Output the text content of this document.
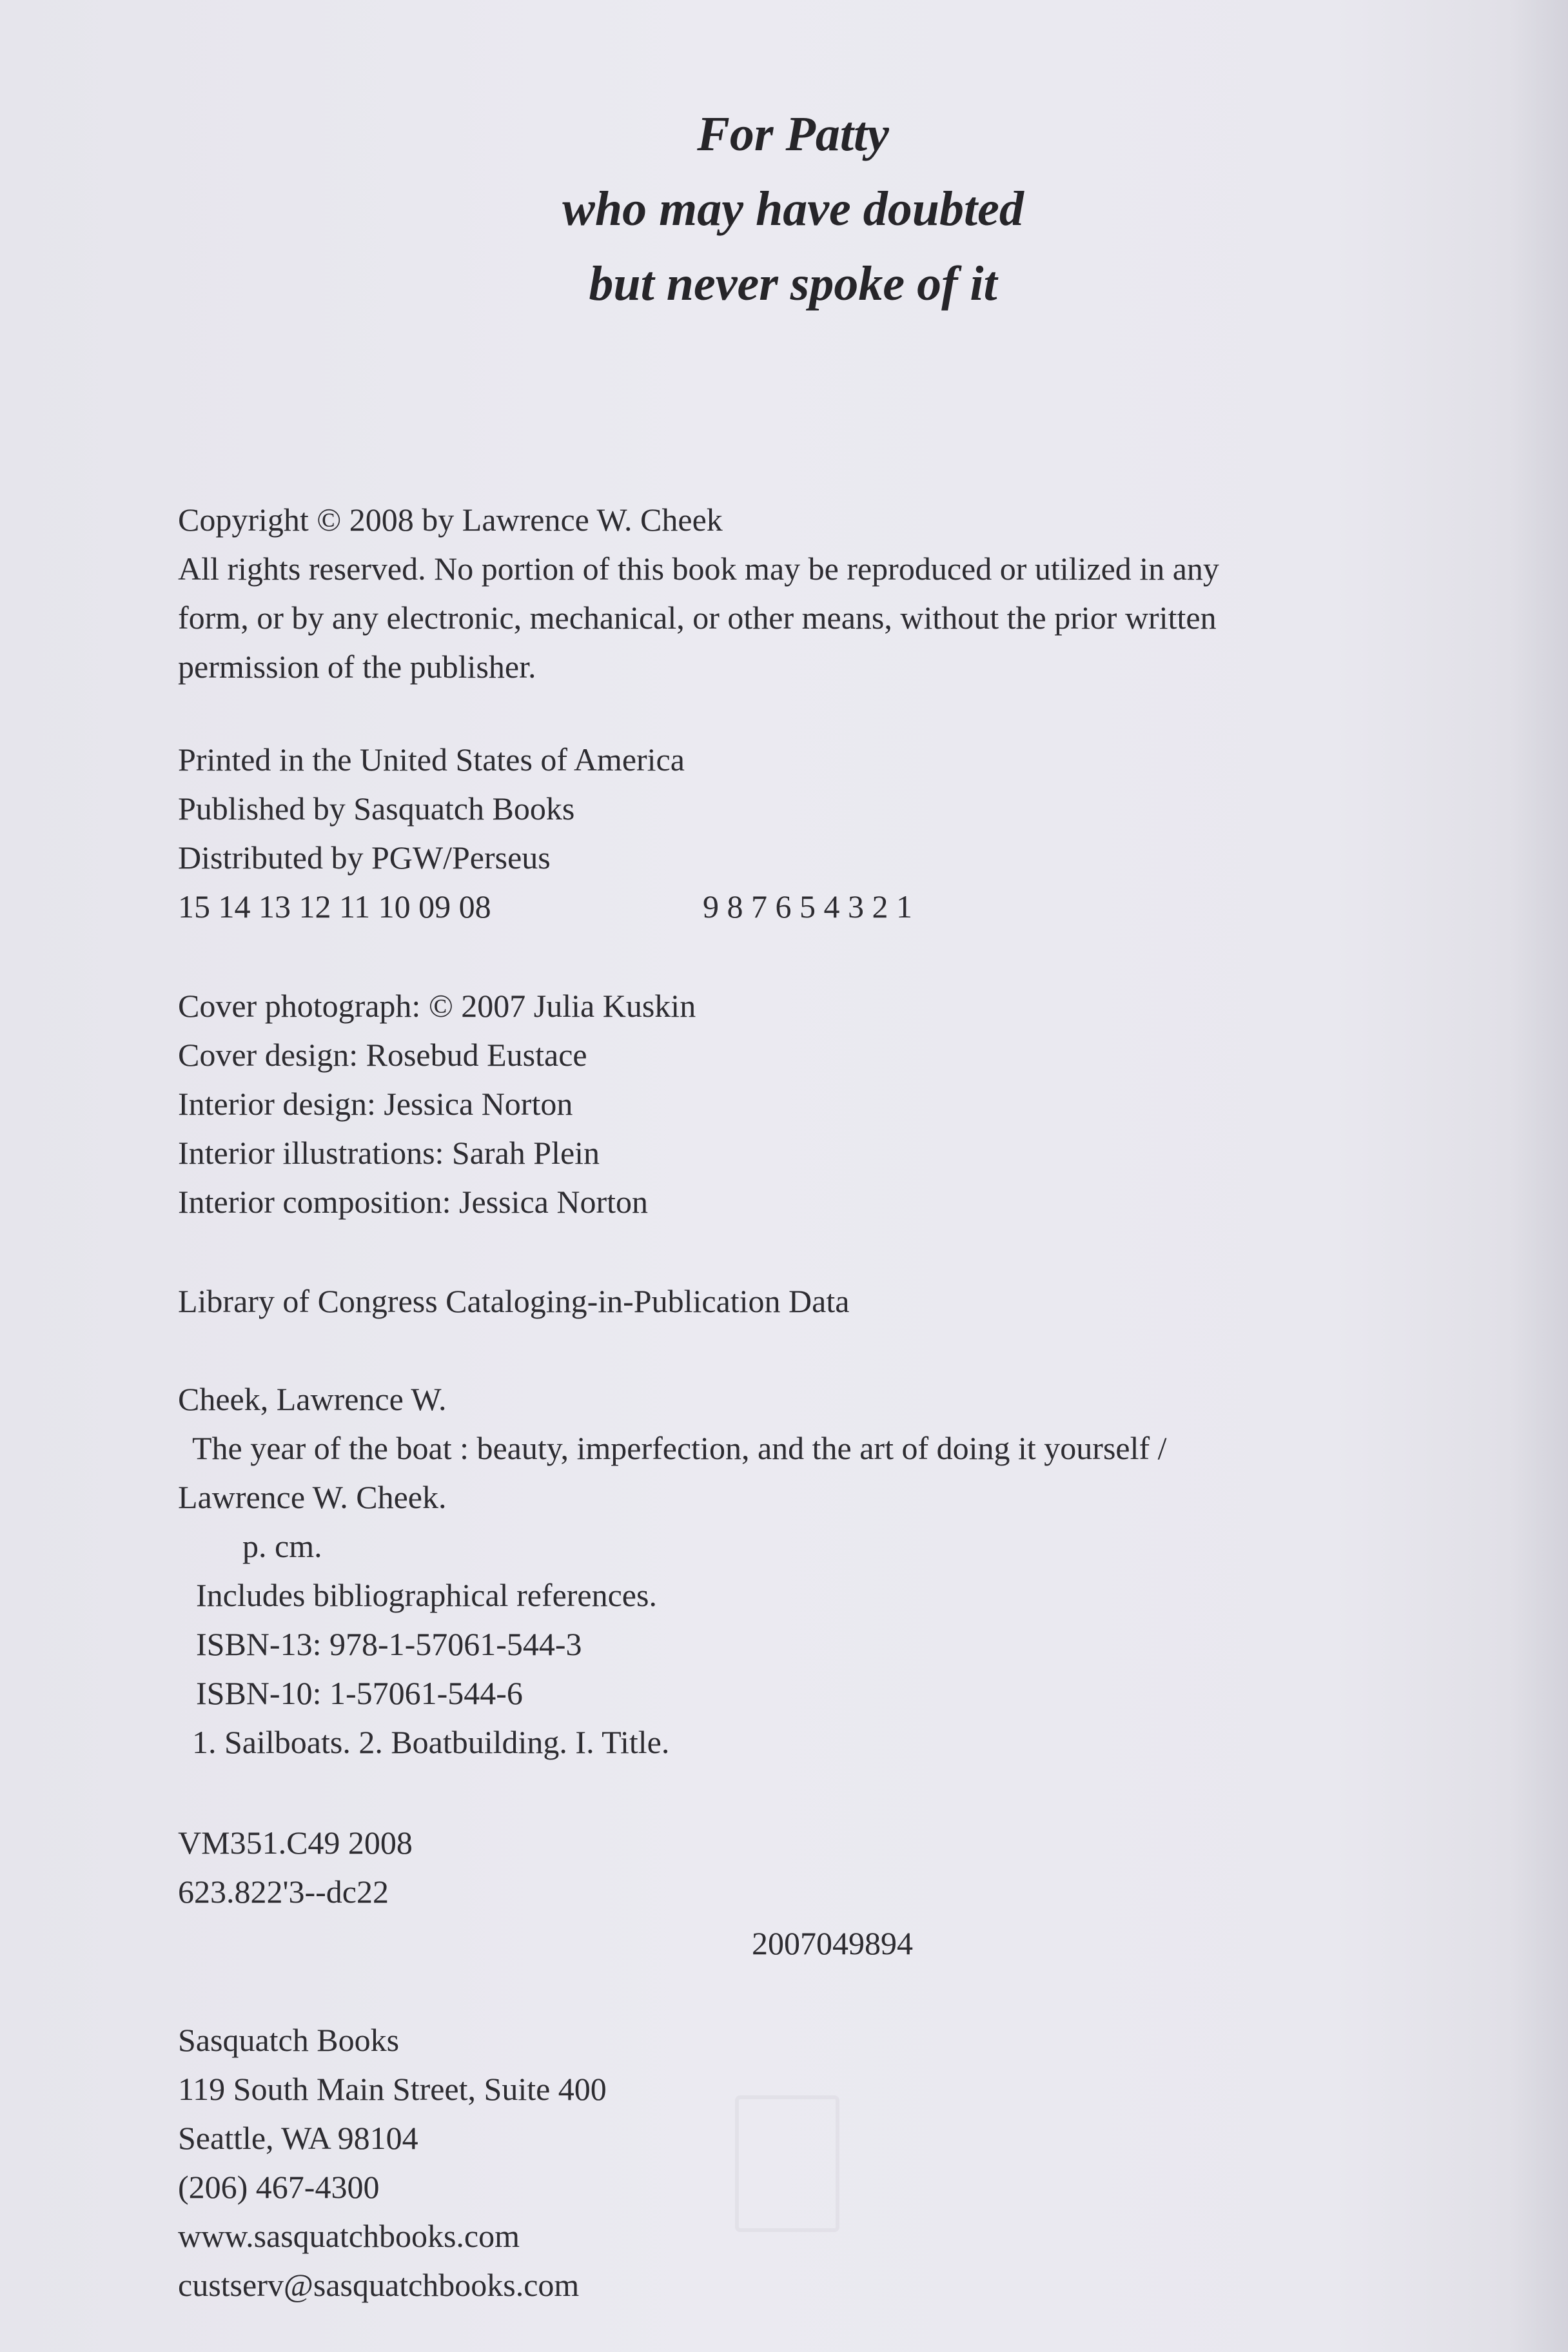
For Patty
who may have doubted
but never spoke of it
Copyright © 2008 by Lawrence W. Cheek
All rights reserved. No portion of this book may be reproduced or utilized in any
form, or by any electronic, mechanical, or other means, without the prior written
permission of the publisher.
Printed in the United States of America
Published by Sasquatch Books
Distributed by PGW/Perseus
15 14 13 12 11 10 09 08	9 8 7 6 5 4 3 2 1
Cover photograph: © 2007 Julia Kuskin
Cover design: Rosebud Eustace
Interior design: Jessica Norton
Interior illustrations: Sarah Plein
Interior composition: Jessica Norton
Library of Congress Cataloging-in-Publication Data
Cheek, Lawrence W.
The year of the boat : beauty, imperfection, and the art of doing it yourself /
Lawrence W. Cheek.
p. cm.
Includes bibliographical references.
ISBN-13: 978-1-57061-544-3
ISBN-10: 1-57061-544-6
1. Sailboats. 2. Boatbuilding. I. Title.
VM351.C49 2008
623.822'3--dc22
2007049894
Sasquatch Books
119 South Main Street, Suite 400
Seattle, WA 98104
(206) 467-4300
www.sasquatchbooks.com
custserv@sasquatchbooks.com
